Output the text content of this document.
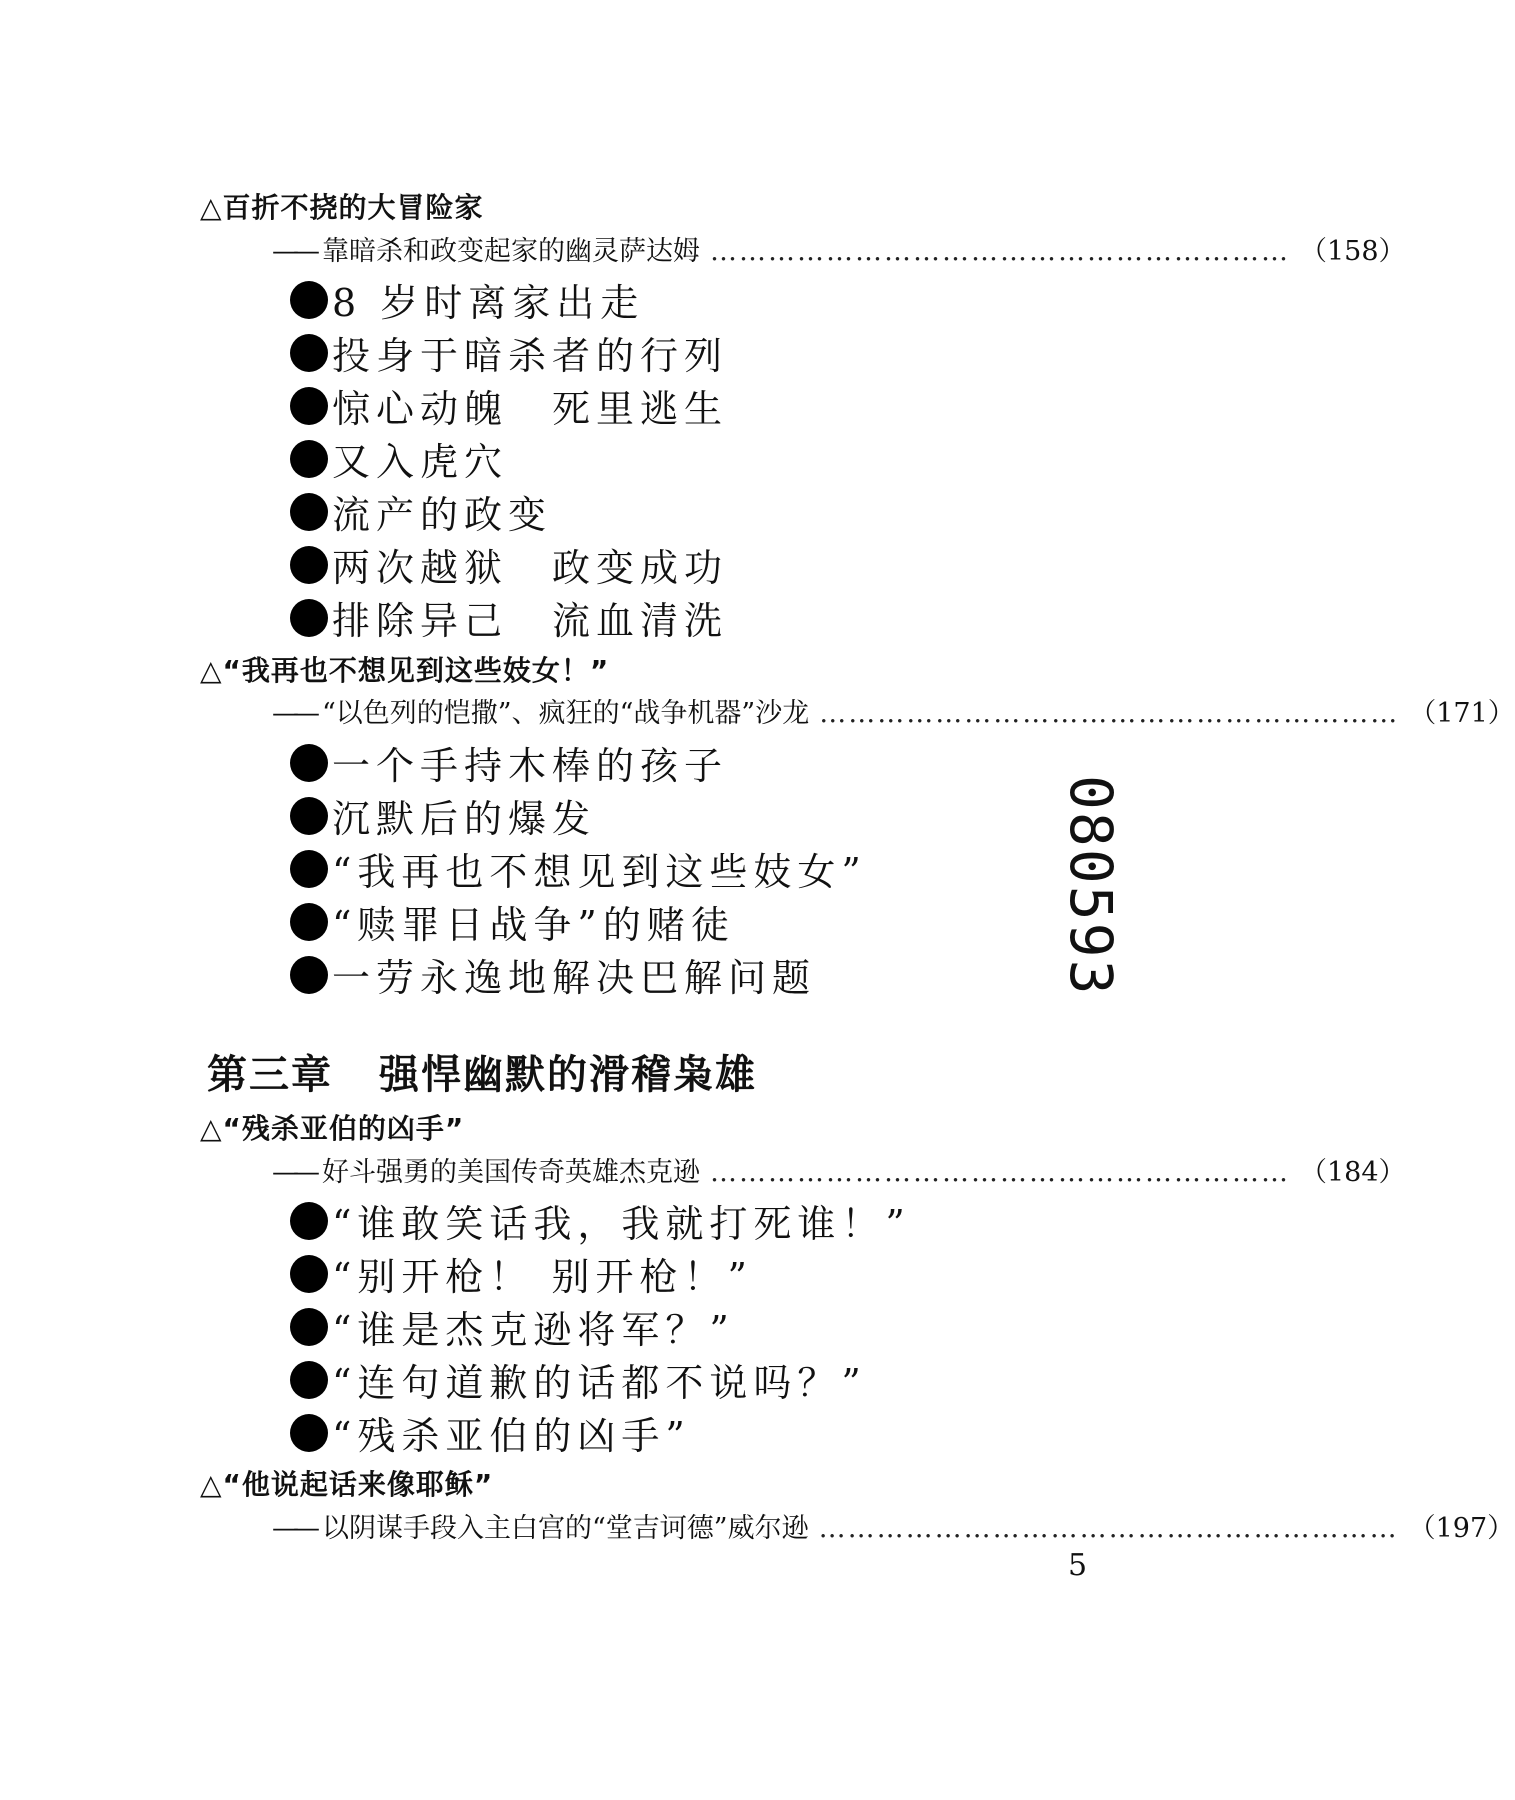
△百折不挠的大冒险家
—— 靠暗杀和政变起家的幽灵萨达姆 …………………………………………………… （158）
8 岁时离家出走
投身于暗杀者的行列
惊心动魄　死里逃生
又入虎穴
流产的政变
两次越狱　政变成功
排除异己　流血清洗
△“我再也不想见到这些妓女！”
—— “以色列的恺撒”、疯狂的“战争机器”沙龙 …………………………………………………… （171）
一个手持木棒的孩子
沉默后的爆发
“我再也不想见到这些妓女”
“赎罪日战争”的赌徒
一劳永逸地解决巴解问题
第三章 强悍幽默的滑稽枭雄
△“残杀亚伯的凶手”
—— 好斗强勇的美国传奇英雄杰克逊 …………………………………………………… （184）
“谁敢笑话我，我就打死谁！”
“别开枪！ 别开枪！”
“谁是杰克逊将军？”
“连句道歉的话都不说吗？”
“残杀亚伯的凶手”
△“他说起话来像耶稣”
—— 以阴谋手段入主白宫的“堂吉诃德”威尔逊 …………………………………………………… （197）
5
080593
